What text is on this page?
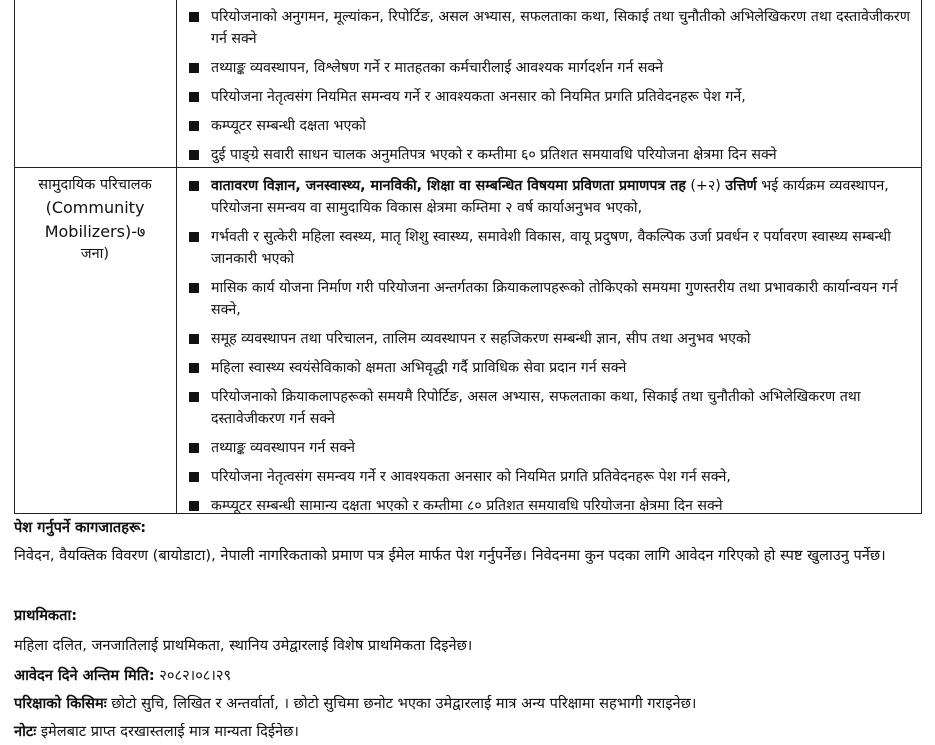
परियोजनाको अनुगमन, मूल्यांकन, रिपोर्टिङ, असल अभ्यास, सफलताका कथा, सिकाई तथा चुनौतीको अभिलेखिकरण तथा दस्तावेजीकरण गर्न सक्ने
तथ्याङ्क व्यवस्थापन, विश्लेषण गर्ने र मातहतका कर्मचारीलाई आवश्यक मार्गदर्शन गर्न सक्ने
परियोजना नेतृत्वसंग नियमित समन्वय गर्ने र आवश्यकता अनसार को नियमित प्रगति प्रतिवेदनहरू पेश गर्ने,
कम्प्यूटर सम्बन्धी दक्षता भएको
दुई पाङ्ग्रे सवारी साधन चालक अनुमतिपत्र भएको र कम्तीमा ६० प्रतिशत समयावधि परियोजना क्षेत्रमा दिन सक्ने
सामुदायिक परिचालक
(Community Mobilizers)-७
जना)
वातावरण विज्ञान, जनस्वास्थ्य, मानविकी, शिक्षा वा सम्बन्धित विषयमा प्रविणता प्रमाणपत्र तह (+२) उत्तिर्ण भई कार्यक्रम व्यवस्थापन, परियोजना समन्वय वा सामुदायिक विकास क्षेत्रमा कम्तिमा २ वर्ष कार्याअनुभव भएको,
गर्भवती र सुत्केरी महिला स्वस्थ्य, मातृ शिशु स्वास्थ्य, समावेशी विकास, वायू प्रदुषण, वैकल्पिक उर्जा प्रवर्धन र पर्यावरण स्वास्थ्य सम्बन्धी जानकारी भएको
मासिक कार्य योजना निर्माण गरी परियोजना अन्तर्गतका क्रियाकलापहरूको तोकिएको समयमा गुणस्तरीय तथा प्रभावकारी कार्यान्वयन गर्न सक्ने,
समूह व्यवस्थापन तथा परिचालन, तालिम व्यवस्थापन र सहजिकरण सम्बन्धी ज्ञान, सीप तथा अनुभव भएको
महिला स्वास्थ्य स्वयंसेविकाको क्षमता अभिवृद्धी गर्दै प्राविधिक सेवा प्रदान गर्न सक्ने
परियोजनाको क्रियाकलापहरूको समयमै रिपोर्टिङ, असल अभ्यास, सफलताका कथा, सिकाई तथा चुनौतीको अभिलेखिकरण तथा दस्तावेजीकरण गर्न सक्ने
तथ्याङ्क व्यवस्थापन गर्न सक्ने
परियोजना नेतृत्वसंग समन्वय गर्ने र आवश्यकता अनसार को नियमित प्रगति प्रतिवेदनहरू पेश गर्न सक्ने,
कम्प्यूटर सम्बन्धी सामान्य दक्षता भएको र कम्तीमा ८० प्रतिशत समयावधि परियोजना क्षेत्रमा दिन सक्ने
पेश गर्नुपर्ने कागजातहरू:
निवेदन, वैयक्तिक विवरण (बायोडाटा), नेपाली नागरिकताको प्रमाण पत्र ईमेल मार्फत पेश गर्नुपर्नेछ। निवेदनमा कुन पदका लागि आवेदन गरिएको हो स्पष्ट खुलाउनु पर्नेछ।
प्राथमिकता:
महिला दलित, जनजातिलाई प्राथमिकता, स्थानिय उमेद्वारलाई विशेष प्राथमिकता दिइनेछ।
आवेदन दिने अन्तिम मिति: २०८२।०८।२९
परिक्षाको किसिमः छोटो सुचि, लिखित र अन्तर्वार्ता, । छोटो सुचिमा छनोट भएका उमेद्वारलाई मात्र अन्य परिक्षामा सहभागी गराइनेछ।
नोटः इमेलबाट प्राप्त दरखास्तलाई मात्र मान्यता दिईनेछ।
